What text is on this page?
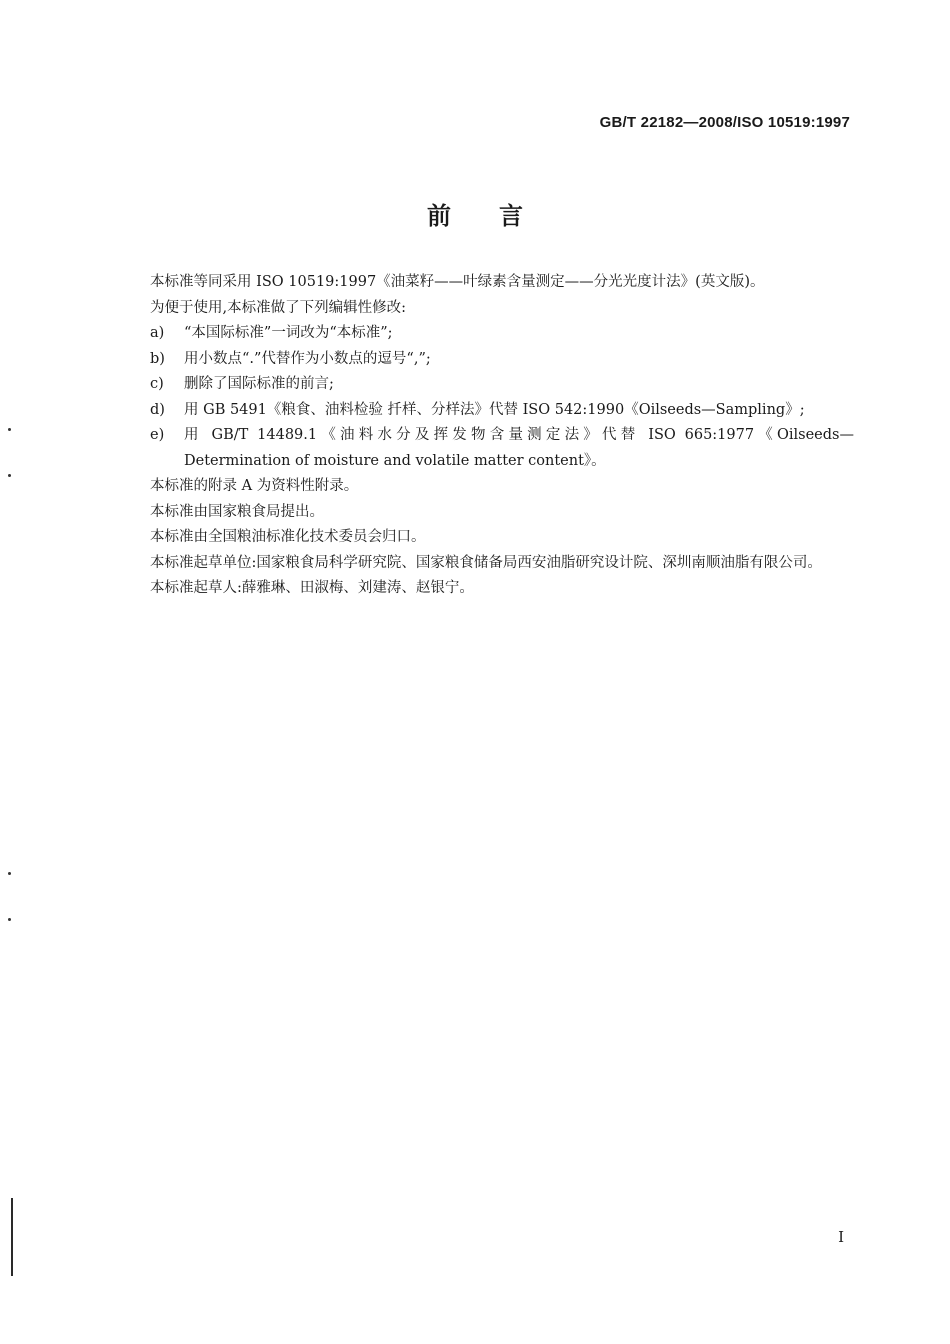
GB/T 22182—2008/ISO 10519:1997
前言

本标准等同采用 ISO 10519:1997《油菜籽——叶绿素含量测定——分光光度计法》(英文版)。

为便于使用,本标准做了下列编辑性修改:

a)	“本国际标准”一词改为“本标准”;
b)	用小数点“.”代替作为小数点的逗号“,”;
c)	删除了国际标准的前言;
d)	用 GB 5491《粮食、油料检验 扦样、分样法》代替 ISO 542:1990《Oilseeds—Sampling》;
e)	用 GB/T 14489.1《油料水分及挥发物含量测定法》代替 ISO 665:1977《Oilseeds—Determination of moisture and volatile matter content》。

本标准的附录 A 为资料性附录。

本标准由国家粮食局提出。

本标准由全国粮油标准化技术委员会归口。

本标准起草单位:国家粮食局科学研究院、国家粮食储备局西安油脂研究设计院、深圳南顺油脂有限公司。

本标准起草人:薛雅琳、田淑梅、刘建涛、赵银宁。

I
